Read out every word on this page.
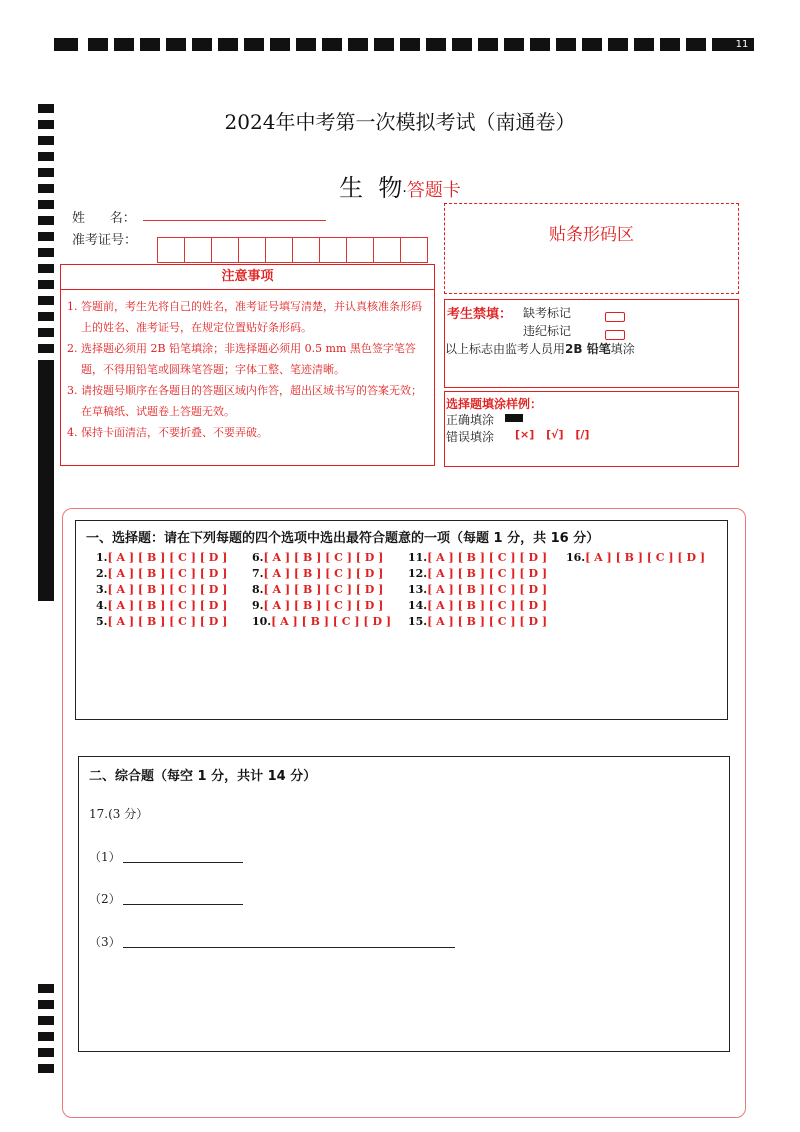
11
2024年中考第一次模拟考试（南通卷）
生  物·答题卡
姓      名：
准考证号：
注意事项
1. 答题前，考生先将自己的姓名，准考证号填写清楚，并认真核准条形码上的姓名、准考证号，在规定位置贴好条形码。
2. 选择题必须用 2B 铅笔填涂；非选择题必须用 0.5 mm 黑色签字笔答题，不得用铅笔或圆珠笔答题；字体工整、笔迹清晰。
3. 请按题号顺序在各题目的答题区域内作答，超出区域书写的答案无效；在草稿纸、试题卷上答题无效。
4. 保持卡面清洁，不要折叠、不要弄破。
贴条形码区
考生禁填： 缺考标记
违纪标记
以上标志由监考人员用2B 铅笔填涂
选择题填涂样例：
正确填涂
错误填涂 [×] [√] [/]
一、选择题：请在下列每题的四个选项中选出最符合题意的一项（每题 1 分，共 16 分）
1.[ A ] [ B ] [ C ] [ D ]
2.[ A ] [ B ] [ C ] [ D ]
3.[ A ] [ B ] [ C ] [ D ]
4.[ A ] [ B ] [ C ] [ D ]
5.[ A ] [ B ] [ C ] [ D ]
6.[ A ] [ B ] [ C ] [ D ]
7.[ A ] [ B ] [ C ] [ D ]
8.[ A ] [ B ] [ C ] [ D ]
9.[ A ] [ B ] [ C ] [ D ]
10.[ A ] [ B ] [ C ] [ D ]
11.[ A ] [ B ] [ C ] [ D ]
12.[ A ] [ B ] [ C ] [ D ]
13.[ A ] [ B ] [ C ] [ D ]
14.[ A ] [ B ] [ C ] [ D ]
15.[ A ] [ B ] [ C ] [ D ]
16.[ A ] [ B ] [ C ] [ D ]
二、综合题（每空 1 分，共计 14 分）
17.(3 分）
（1）
（2）
（3）
